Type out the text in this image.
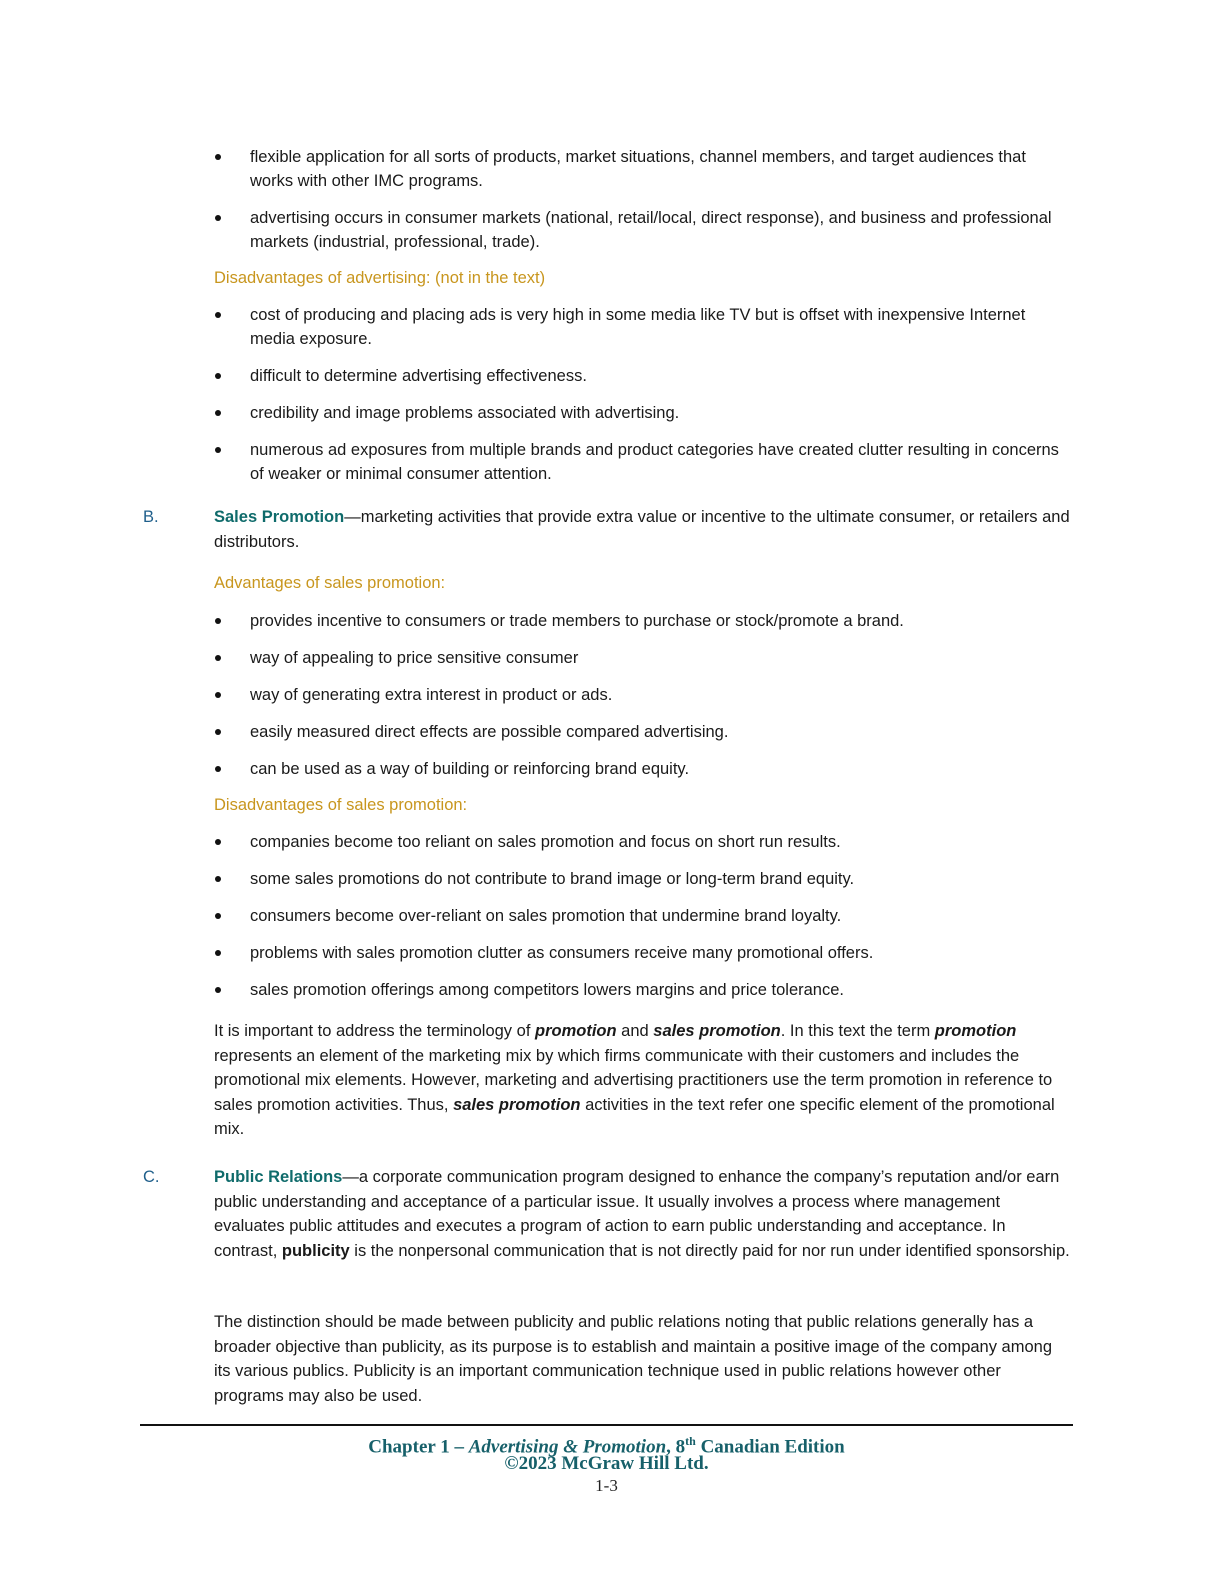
flexible application for all sorts of products, market situations, channel members, and target audiences that works with other IMC programs.
advertising occurs in consumer markets (national, retail/local, direct response), and business and professional markets (industrial, professional, trade).
Disadvantages of advertising: (not in the text)
cost of producing and placing ads is very high in some media like TV but is offset with inexpensive Internet media exposure.
difficult to determine advertising effectiveness.
credibility and image problems associated with advertising.
numerous ad exposures from multiple brands and product categories have created clutter resulting in concerns of weaker or minimal consumer attention.
B.	Sales Promotion—marketing activities that provide extra value or incentive to the ultimate consumer, or retailers and distributors.
Advantages of sales promotion:
provides incentive to consumers or trade members to purchase or stock/promote a brand.
way of appealing to price sensitive consumer
way of generating extra interest in product or ads.
easily measured direct effects are possible compared advertising.
can be used as a way of building or reinforcing brand equity.
Disadvantages of sales promotion:
companies become too reliant on sales promotion and focus on short run results.
some sales promotions do not contribute to brand image or long-term brand equity.
consumers become over-reliant on sales promotion that undermine brand loyalty.
problems with sales promotion clutter as consumers receive many promotional offers.
sales promotion offerings among competitors lowers margins and price tolerance.
It is important to address the terminology of promotion and sales promotion. In this text the term promotion represents an element of the marketing mix by which firms communicate with their customers and includes the promotional mix elements. However, marketing and advertising practitioners use the term promotion in reference to sales promotion activities. Thus, sales promotion activities in the text refer one specific element of the promotional mix.
C.	Public Relations—a corporate communication program designed to enhance the company’s reputation and/or earn public understanding and acceptance of a particular issue. It usually involves a process where management evaluates public attitudes and executes a program of action to earn public understanding and acceptance. In contrast, publicity is the nonpersonal communication that is not directly paid for nor run under identified sponsorship.
The distinction should be made between publicity and public relations noting that public relations generally has a broader objective than publicity, as its purpose is to establish and maintain a positive image of the company among its various publics. Publicity is an important communication technique used in public relations however other programs may also be used.
Chapter 1 – Advertising & Promotion, 8th Canadian Edition
©2023 McGraw Hill Ltd.
1-3
